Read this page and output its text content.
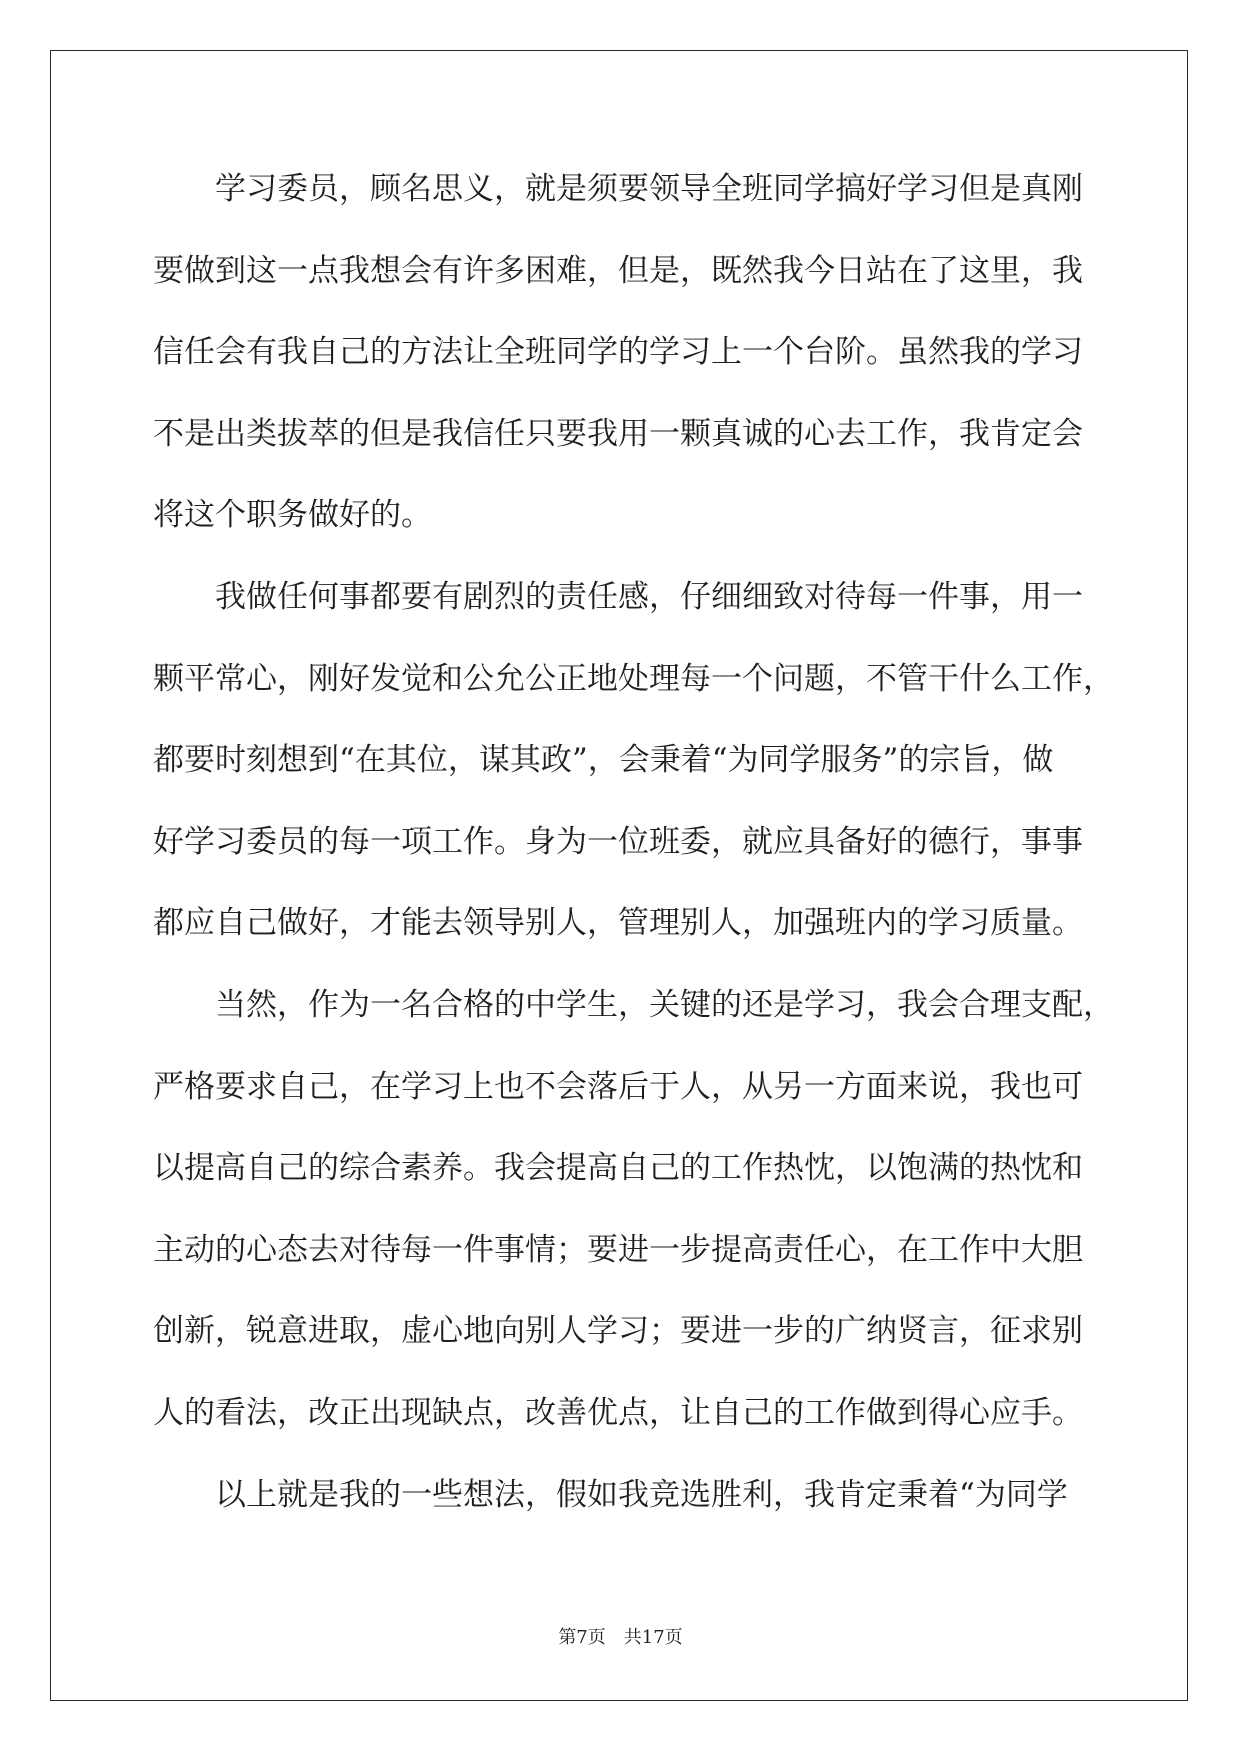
学习委员，顾名思义，就是须要领导全班同学搞好学习但是真刚
要做到这一点我想会有许多困难，但是，既然我今日站在了这里，我
信任会有我自己的方法让全班同学的学习上一个台阶。虽然我的学习
不是出类拔萃的但是我信任只要我用一颗真诚的心去工作，我肯定会
将这个职务做好的。
我做任何事都要有剧烈的责任感，仔细细致对待每一件事，用一
颗平常心，刚好发觉和公允公正地处理每一个问题，不管干什么工作，
都要时刻想到“在其位，谋其政”，会秉着“为同学服务”的宗旨，做
好学习委员的每一项工作。身为一位班委，就应具备好的德行，事事
都应自己做好，才能去领导别人，管理别人，加强班内的学习质量。
当然，作为一名合格的中学生，关键的还是学习，我会合理支配，
严格要求自己，在学习上也不会落后于人，从另一方面来说，我也可
以提高自己的综合素养。我会提高自己的工作热忱，以饱满的热忱和
主动的心态去对待每一件事情；要进一步提高责任心，在工作中大胆
创新，锐意进取，虚心地向别人学习；要进一步的广纳贤言，征求别
人的看法，改正出现缺点，改善优点，让自己的工作做到得心应手。
以上就是我的一些想法，假如我竞选胜利，我肯定秉着“为同学
第7页 共17页
